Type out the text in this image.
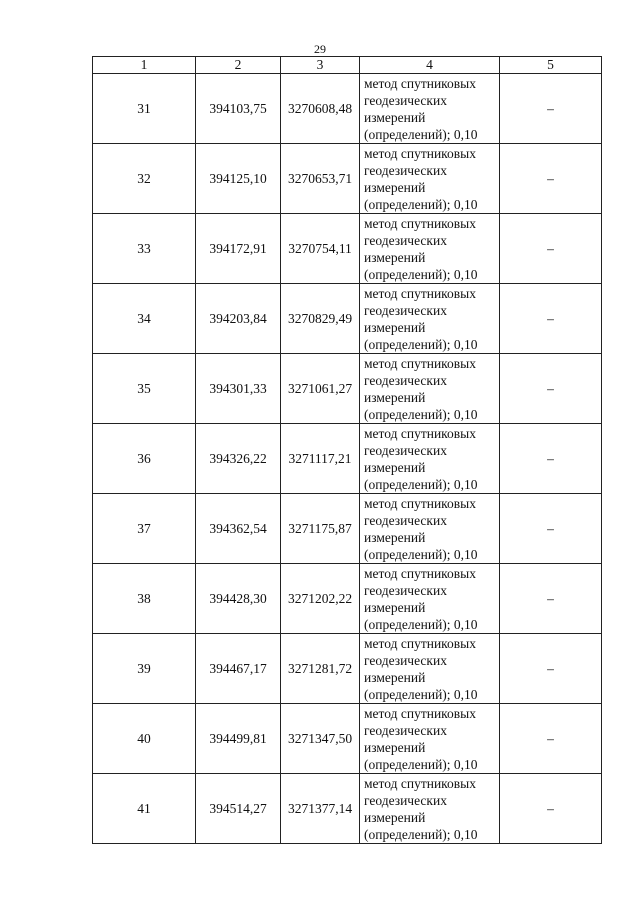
29
1	2	3	4	5
31	394103,75	3270608,48	метод спутниковых
геодезических
измерений
(определений); 0,10	–
32	394125,10	3270653,71	метод спутниковых
геодезических
измерений
(определений); 0,10	–
33	394172,91	3270754,11	метод спутниковых
геодезических
измерений
(определений); 0,10	–
34	394203,84	3270829,49	метод спутниковых
геодезических
измерений
(определений); 0,10	–
35	394301,33	3271061,27	метод спутниковых
геодезических
измерений
(определений); 0,10	–
36	394326,22	3271117,21	метод спутниковых
геодезических
измерений
(определений); 0,10	–
37	394362,54	3271175,87	метод спутниковых
геодезических
измерений
(определений); 0,10	–
38	394428,30	3271202,22	метод спутниковых
геодезических
измерений
(определений); 0,10	–
39	394467,17	3271281,72	метод спутниковых
геодезических
измерений
(определений); 0,10	–
40	394499,81	3271347,50	метод спутниковых
геодезических
измерений
(определений); 0,10	–
41	394514,27	3271377,14	метод спутниковых
геодезических
измерений
(определений); 0,10	–
